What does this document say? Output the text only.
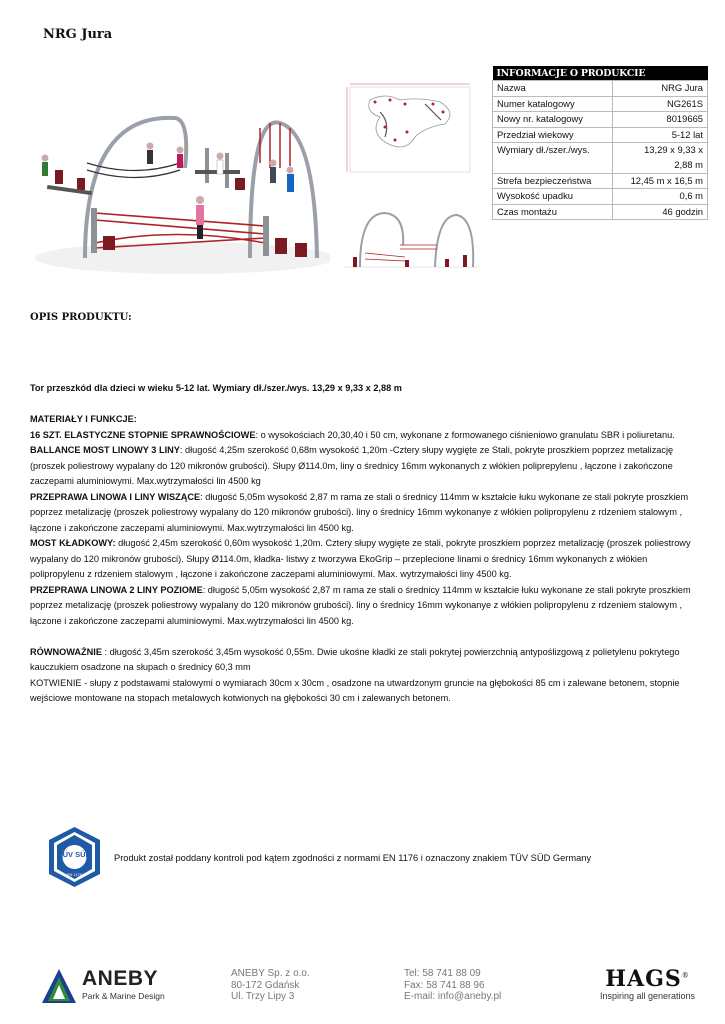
NRG Jura
INFORMACJE O PRODUKCIE	
Nazwa	NRG Jura
Numer katalogowy	NG261S
Nowy nr. katalogowy	8019665
Przedział wiekowy	5-12 lat
Wymiary dł./szer./wys.	13,29 x 9,33 x
2,88 m

Strefa bezpieczeństwa	12,45 m x 16,5 m
Wysokość upadku	0,6 m
Czas montażu	46 godzin
OPIS PRODUKTU:

Tor przeszkód dla dzieci w wieku 5-12 lat. Wymiary dł./szer./wys. 13,29 x 9,33 x 2,88 m

MATERIAŁY I FUNKCJE:

16 SZT. ELASTYCZNE STOPNIE SPRAWNOŚCIOWE: o wysokościach 20,30,40 i 50 cm, wykonane z formowanego ciśnieniowo granulatu SBR i poliuretanu.

BALLANCE MOST LINOWY 3 LINY: długość 4,25m szerokość 0,68m wysokość 1,20m -Cztery słupy wygięte ze Stali, pokryte proszkiem poprzez metalizację (proszek poliestrowy wypalany do 120 mikronów grubości). Słupy Ø114.0m, liny o średnicy 16mm wykonanych z włókien poliprepylenu , łączone i zakończone zaczepami aluminiowymi. Max.wytrzymałości lin 4500 kg

PRZEPRAWA LINOWA I LINY WISZĄCE: długość 5,05m wysokość 2,87 m rama ze stali o średnicy 114mm w kształcie łuku wykonane ze stali pokryte proszkiem poprzez metalizację (proszek poliestrowy wypalany do 120 mikronów grubości). liny o średnicy 16mm wykonanye z włókien polipropylenu z rdzeniem stalowym , łączone i zakończone zaczepami aluminiowymi. Max.wytrzymałości lin 4500 kg.

MOST KŁADKOWY: długość 2,45m szerokość 0,60m wysokość 1,20m. Cztery słupy wygięte ze stali, pokryte proszkiem poprzez metalizację (proszek poliestrowy wypalany do 120 mikronów grubości). Słupy Ø114.0m, kładka- listwy z tworzywa EkoGrip – przeplecione linami o średnicy 16mm wykonanych z włókien polipropylenu z rdzeniem stalowym , łączone i zakończone zaczepami aluminiowymi. Max. wytrzymałości liny 4500 kg.

PRZEPRAWA LINOWA 2 LINY POZIOME: długość 5,05m wysokość 2,87 m rama ze stali o średnicy 114mm w kształcie łuku wykonane ze stali pokryte proszkiem poprzez metalizację (proszek poliestrowy wypalany do 120 mikronów grubości). liny o średnicy 16mm wykonanye z włókien polipropylenu z rdzeniem stalowym , łączone i zakończone zaczepami aluminiowymi. Max.wytrzymałości lin 4500 kg.

RÓWNOWAŻNIE : długość 3,45m szerokość 3,45m wysokość 0,55m. Dwie ukośne kładki ze stali pokrytej powierzchnią antypoślizgową z polietylenu pokrytego kauczukiem osadzone na słupach o średnicy 60,3 mm

KOTWIENIE - słupy z podstawami stalowymi o wymiarach 30cm x 30cm , osadzone na utwardzonym gruncie na głębokości 85 cm i zalewane betonem, stopnie wejściowe montowane na stopach metalowych kotwionych na głębokości 30 cm i zalewanych betonem.

TÜV SÜD
EN 1176
Produkt został poddany kontroli pod kątem zgodności z normami EN 1176 i oznaczony znakiem TÜV SÜD Germany
ANEBY
Park & Marine Design
ANEBY Sp. z o.o.
80-172 Gdańsk
Ul. Trzy Lipy 3
Tel: 58 741 88 09
Fax: 58 741 88 96
E-mail: info@aneby.pl
HAGS®
Inspiring all generations
